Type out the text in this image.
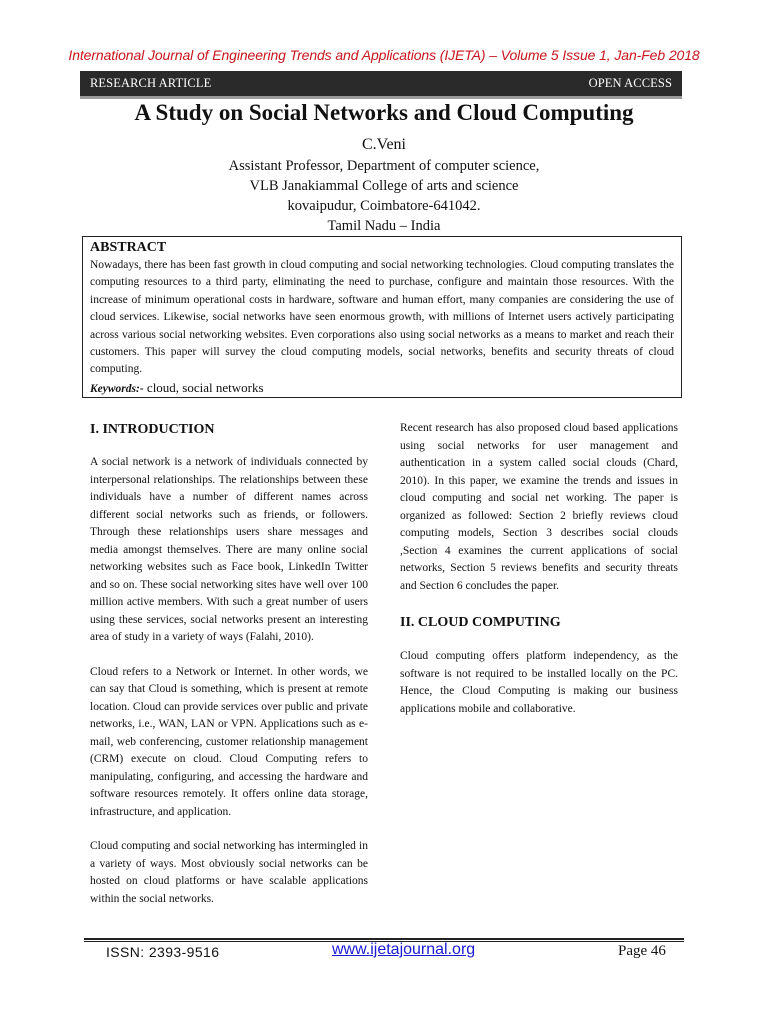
International Journal of Engineering Trends and Applications (IJETA) – Volume 5 Issue 1, Jan-Feb 2018
RESEARCH ARTICLE	OPEN ACCESS
A Study on Social Networks and Cloud Computing
C.Veni
Assistant Professor, Department of computer science,
VLB Janakiammal College of arts and science
kovaipudur, Coimbatore-641042.
Tamil Nadu – India
ABSTRACT
Nowadays, there has been fast growth in cloud computing and social networking technologies. Cloud computing translates the computing resources to a third party, eliminating the need to purchase, configure and maintain those resources. With the increase of minimum operational costs in hardware, software and human effort, many companies are considering the use of cloud services. Likewise, social networks have seen enormous growth, with millions of Internet users actively participating across various social networking websites. Even corporations also using social networks as a means to market and reach their customers. This paper will survey the cloud computing models, social networks, benefits and security threats of cloud computing.
Keywords:- cloud, social networks
I. INTRODUCTION

A social network is a network of individuals connected by interpersonal relationships. The relationships between these individuals have a number of different names across different social networks such as friends, or followers. Through these relationships users share messages and media amongst themselves. There are many online social networking websites such as Face book, LinkedIn Twitter and so on. These social networking sites have well over 100 million active members. With such a great number of users using these services, social networks present an interesting area of study in a variety of ways (Falahi, 2010).

Cloud refers to a Network or Internet. In other words, we can say that Cloud is something, which is present at remote location. Cloud can provide services over public and private networks, i.e., WAN, LAN or VPN. Applications such as e-mail, web conferencing, customer relationship management (CRM) execute on cloud. Cloud Computing refers to manipulating, configuring, and accessing the hardware and software resources remotely. It offers online data storage, infrastructure, and application.

Cloud computing and social networking has intermingled in a variety of ways. Most obviously social networks can be hosted on cloud platforms or have scalable applications within the social networks.

Recent research has also proposed cloud based applications using social networks for user management and authentication in a system called social clouds (Chard, 2010). In this paper, we examine the trends and issues in cloud computing and social net working. The paper is organized as followed: Section 2 briefly reviews cloud computing models, Section 3 describes social clouds ,Section 4 examines the current applications of social networks, Section 5 reviews benefits and security threats and Section 6 concludes the paper.

II. CLOUD COMPUTING

Cloud computing offers platform independency, as the software is not required to be installed locally on the PC. Hence, the Cloud Computing is making our business applications mobile and collaborative.

ISSN: 2393-9516	www.ijetajournal.org	Page 46
